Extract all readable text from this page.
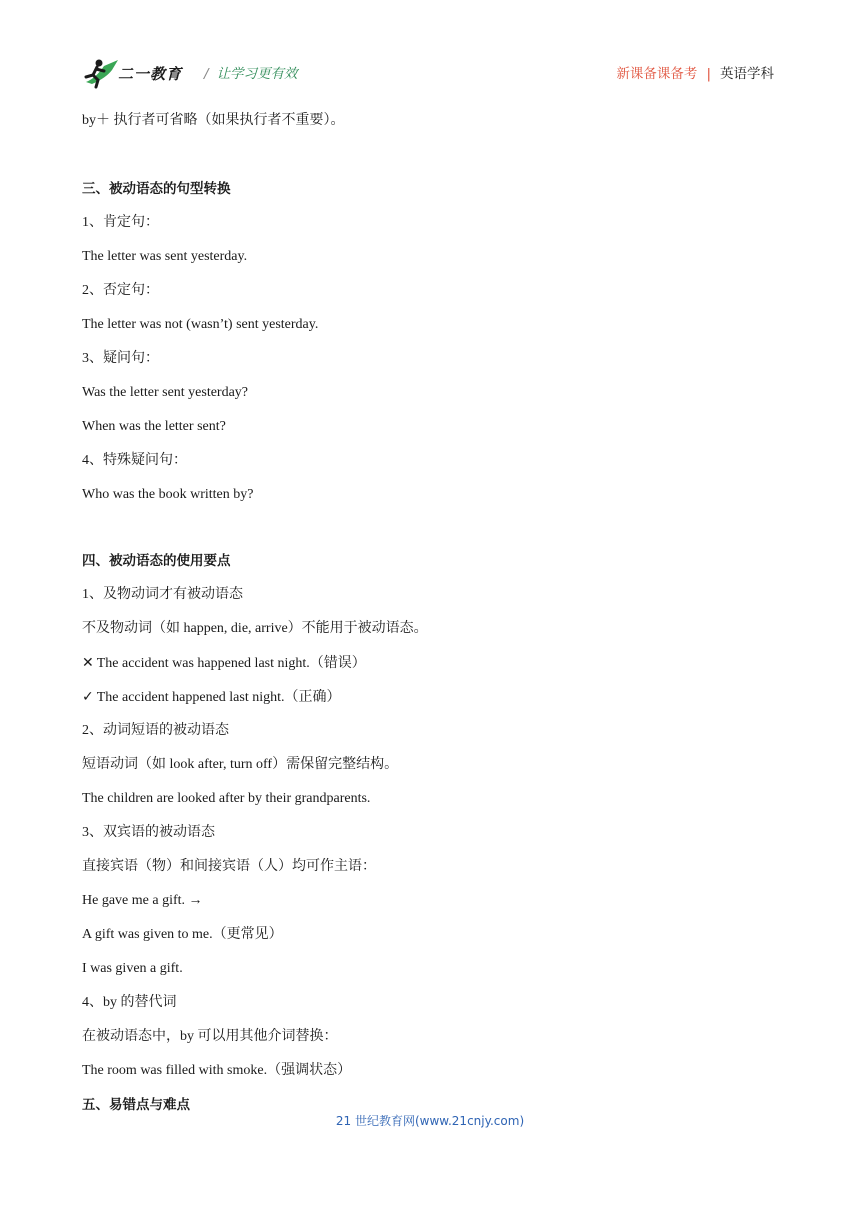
二一教育 / 让学习更有效	新课备课备考 | 英语学科
by＋ 执行者可省略（如果执行者不重要）。
三、被动语态的句型转换
1、肯定句：
The letter was sent yesterday.
2、否定句：
The letter was not (wasn’t) sent yesterday.
3、疑问句：
Was the letter sent yesterday?
When was the letter sent?
4、特殊疑问句：
Who was the book written by?
四、被动语态的使用要点
1、及物动词才有被动语态
不及物动词（如 happen, die, arrive）不能用于被动语态。
✕ The accident was happened last night.（错误）
✓ The accident happened last night.（正确）
2、动词短语的被动语态
短语动词（如 look after, turn off）需保留完整结构。
The children are looked after by their grandparents.
3、双宾语的被动语态
直接宾语（物）和间接宾语（人）均可作主语：
He gave me a gift. →
A gift was given to me.（更常见）
I was given a gift.
4、by 的替代词
在被动语态中，by 可以用其他介词替换：
The room was filled with smoke.（强调状态）
五、易错点与难点
21 世纪教育网(www.21cnjy.com)
